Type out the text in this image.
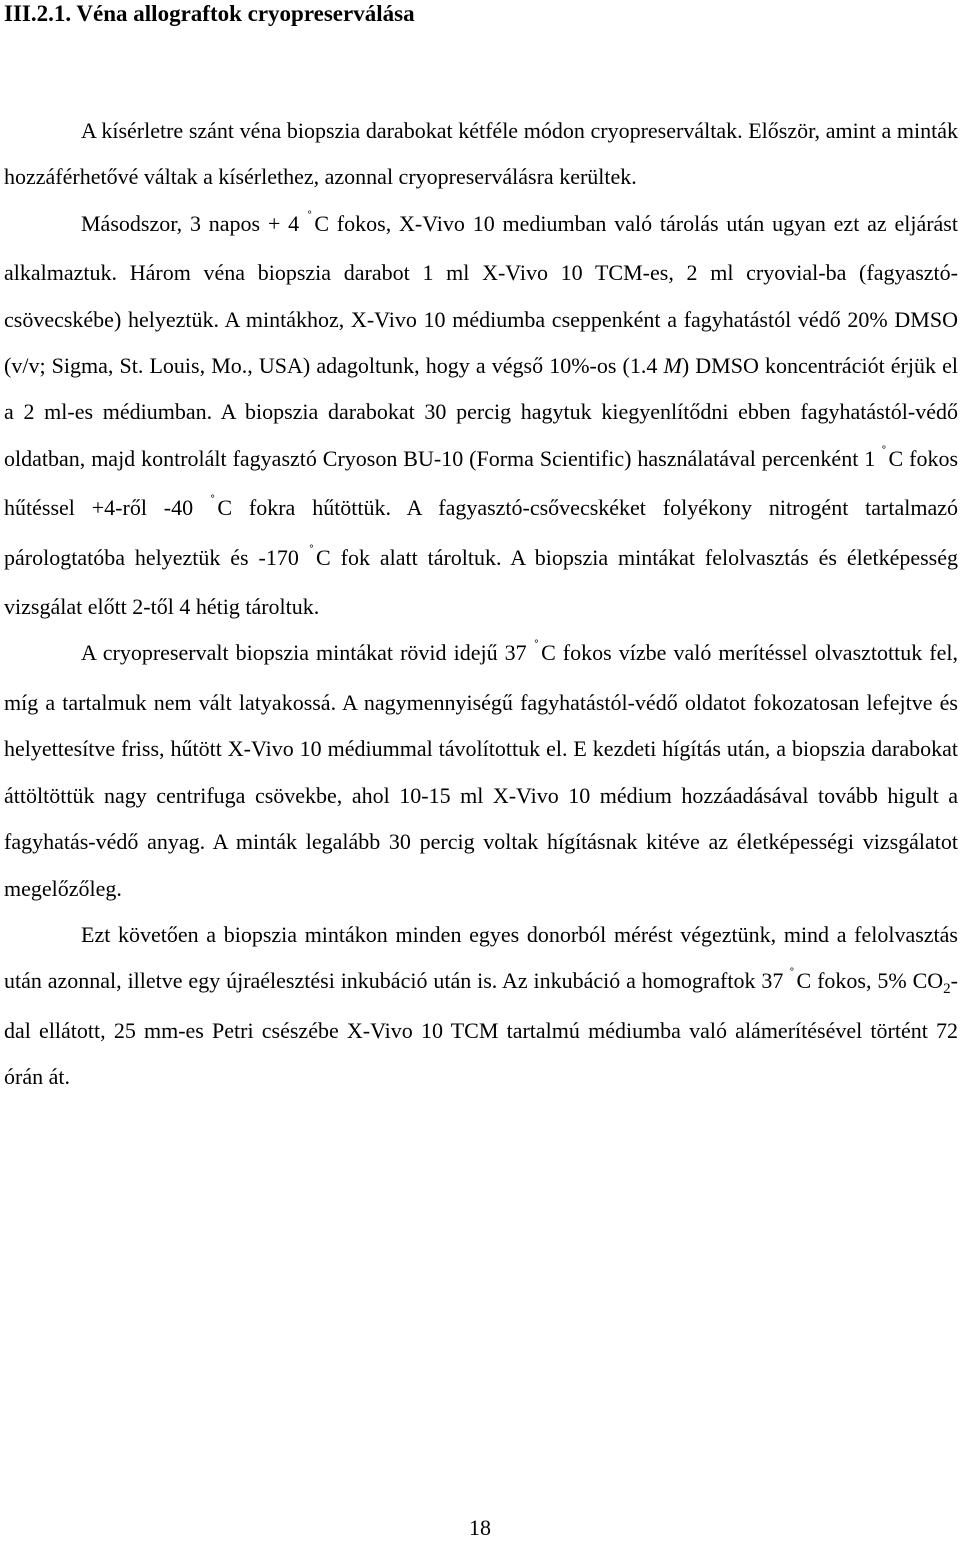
III.2.1. Véna allograftok cryopreserválása

A kísérletre szánt véna biopszia darabokat kétféle módon cryopreserváltak. Először, amint a minták hozzáférhetővé váltak a kísérlethez, azonnal cryopreserválásra kerültek.

Másodszor, 3 napos + 4 ˚C fokos, X-Vivo 10 mediumban való tárolás után ugyan ezt az eljárást alkalmaztuk. Három véna biopszia darabot 1 ml X-Vivo 10 TCM-es, 2 ml cryovial-ba (fagyasztó-csövecskébe) helyeztük. A mintákhoz, X-Vivo 10 médiumba cseppenként a fagyhatástól védő 20% DMSO (v/v; Sigma, St. Louis, Mo., USA) adagoltunk, hogy a végső 10%-os (1.4 M) DMSO koncentrációt érjük el a 2 ml-es médiumban. A biopszia darabokat 30 percig hagytuk kiegyenlítődni ebben fagyhatástól-védő oldatban, majd kontrolált fagyasztó Cryoson BU-10 (Forma Scientific) használatával percenként 1 ˚C fokos hűtéssel +4-ről -40 ˚C fokra hűtöttük. A fagyasztó-csővecskéket folyékony nitrogént tartalmazó párologtatóba helyeztük és -170 ˚C fok alatt tároltuk. A biopszia mintákat felolvasztás és életképesség vizsgálat előtt 2-től 4 hétig tároltuk.

A cryopreservalt biopszia mintákat rövid idejű 37 ˚C fokos vízbe való merítéssel olvasztottuk fel, míg a tartalmuk nem vált latyakossá. A nagymennyiségű fagyhatástól-védő oldatot fokozatosan lefejtve és helyettesítve friss, hűtött X-Vivo 10 médiummal távolítottuk el. E kezdeti hígítás után, a biopszia darabokat áttöltöttük nagy centrifuga csövekbe, ahol 10-15 ml X-Vivo 10 médium hozzáadásával tovább higult a fagyhatás-védő anyag. A minták legalább 30 percig voltak hígításnak kitéve az életképességi vizsgálatot megelőzőleg.

Ezt követően a biopszia mintákon minden egyes donorból mérést végeztünk, mind a felolvasztás után azonnal, illetve egy újraélesztési inkubáció után is. Az inkubáció a homograftok 37 ˚C fokos, 5% $CO_2$-dal ellátott, 25 mm-es Petri csészébe X-Vivo 10 TCM tartalmú médiumba való alámerítésével történt 72 órán át.

18
